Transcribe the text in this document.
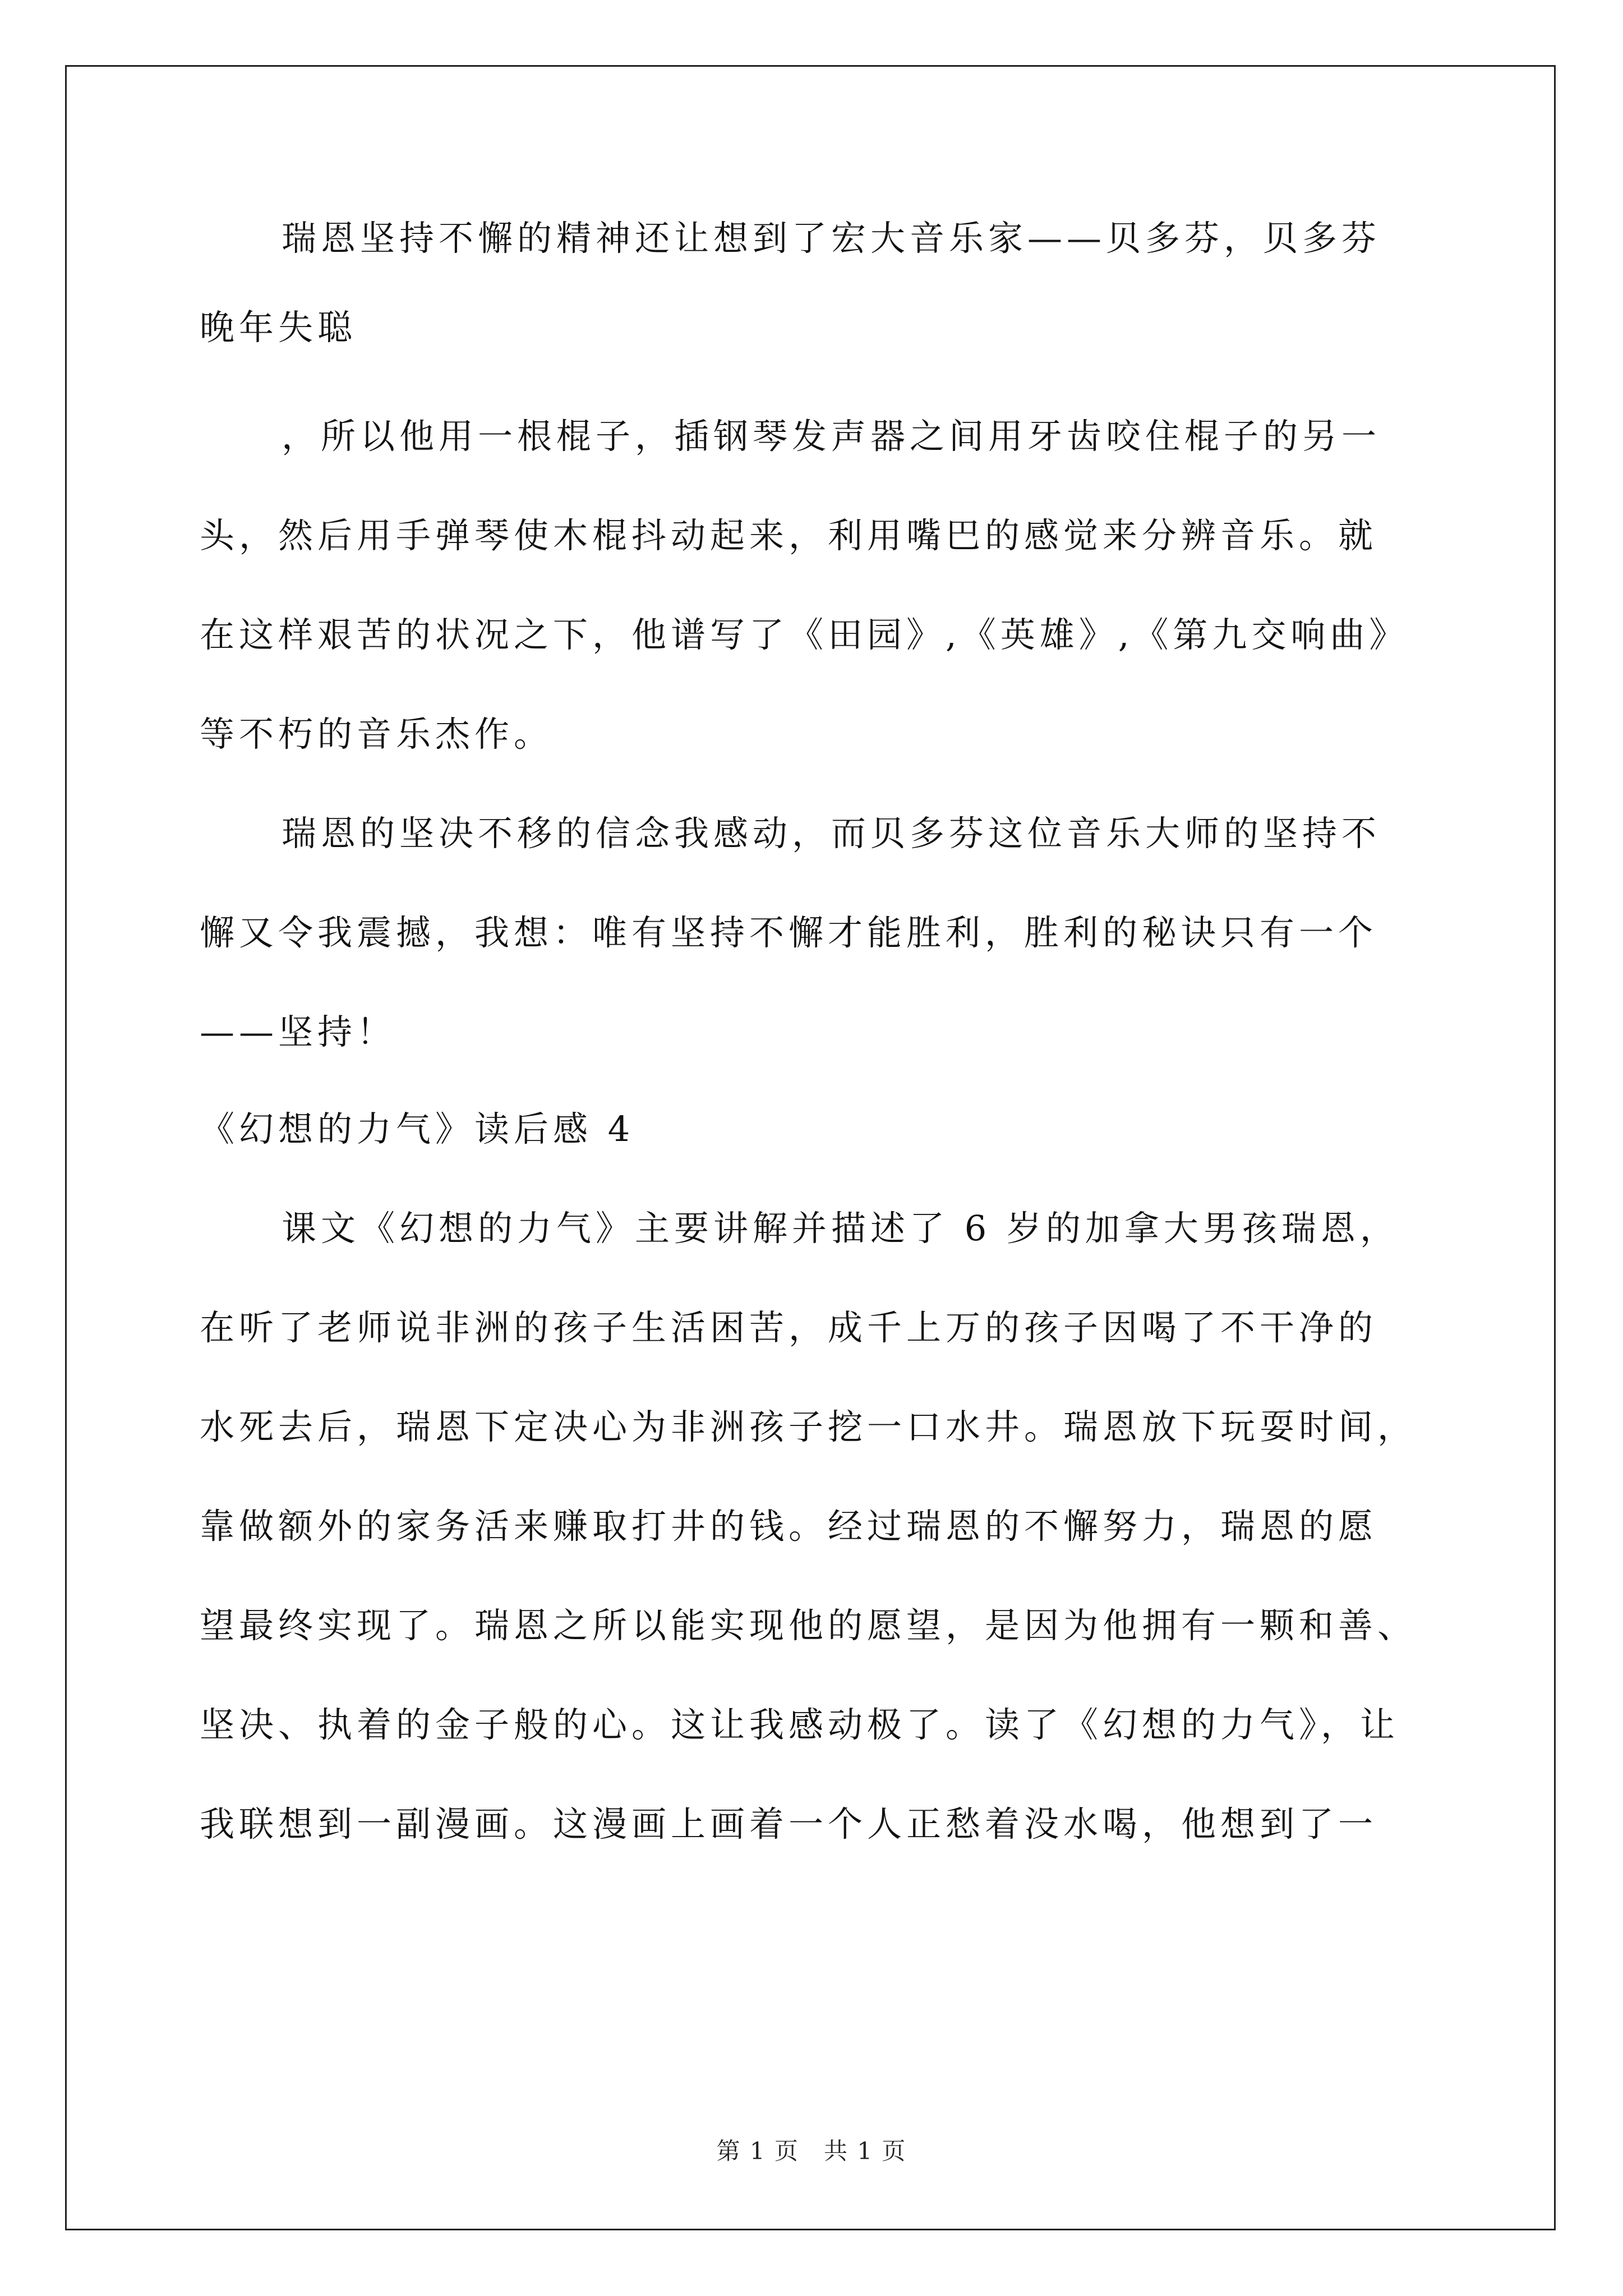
瑞恩坚持不懈的精神还让想到了宏大音乐家——贝多芬，贝多芬
晚年失聪
，所以他用一根棍子，插钢琴发声器之间用牙齿咬住棍子的另一
头，然后用手弹琴使木棍抖动起来，利用嘴巴的感觉来分辨音乐。就
在这样艰苦的状况之下，他谱写了《田园》,《英雄》,《第九交响曲》
等不朽的音乐杰作。
瑞恩的坚决不移的信念我感动，而贝多芬这位音乐大师的坚持不
懈又令我震撼，我想：唯有坚持不懈才能胜利，胜利的秘诀只有一个
——坚持！
《幻想的力气》读后感 4
课文《幻想的力气》主要讲解并描述了 6 岁的加拿大男孩瑞恩，
在听了老师说非洲的孩子生活困苦，成千上万的孩子因喝了不干净的
水死去后，瑞恩下定决心为非洲孩子挖一口水井。瑞恩放下玩耍时间，
靠做额外的家务活来赚取打井的钱。经过瑞恩的不懈努力，瑞恩的愿
望最终实现了。瑞恩之所以能实现他的愿望，是因为他拥有一颗和善、
坚决、执着的金子般的心。这让我感动极了。读了《幻想的力气》，让
我联想到一副漫画。这漫画上画着一个人正愁着没水喝，他想到了一
第 1 页　共 1 页
